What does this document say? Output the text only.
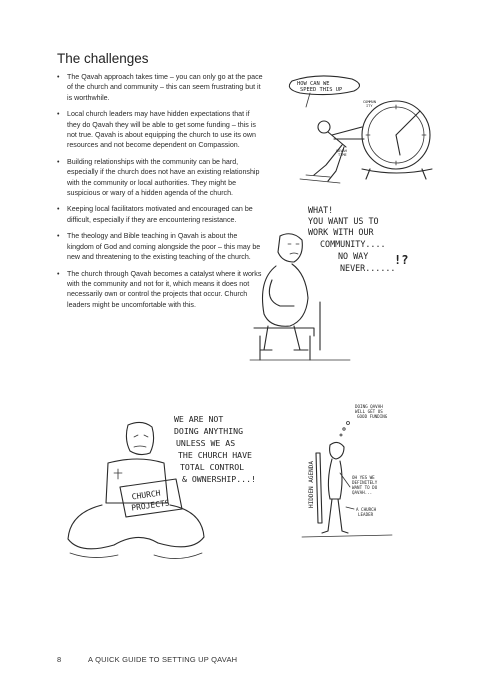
The challenges
• The Qavah approach takes time – you can only go at the pace of the church and community – this can seem frustrating but it is worthwhile.
• Local church leaders may have hidden expectations that if they do Qavah they will be able to get some funding – this is not true. Qavah is about equipping the church to use its own resources and not become dependent on Compassion.
• Building relationships with the community can be hard, especially if the church does not have an existing relationship with the community or local authorities. They might be suspicious or wary of a hidden agenda of the church.
• Keeping local facilitators motivated and encouraged can be difficult, especially if they are encountering resistance.
• The theology and Bible teaching in Qavah is about the kingdom of God and coming alongside the poor – this may be new and threatening to the existing teaching of the church.
• The church through Qavah becomes a catalyst where it works with the community and not for it, which means it does not necessarily own or control the projects that occur. Church leaders might be uncomfortable with this.
HOW CAN WE SPEED THIS UP
COMMUN ITY
QAVAH TIME
WHAT! YOU WANT US TO WORK WITH OUR COMMUNITY.... NO WAY NEVER......
!?
WE ARE NOT DOING ANYTHING UNLESS WE AS THE CHURCH HAVE TOTAL CONTROL & OWNERSHIP...!
CHURCH PROJECTS
DOING QAVAH WILL GET US GOOD FUNDING
HIDDEN AGENDA	OH YES WE DEFINITELY WANT TO DO QAVAH...
A CHURCH LEADER
8	A QUICK GUIDE TO SETTING UP QAVAH
